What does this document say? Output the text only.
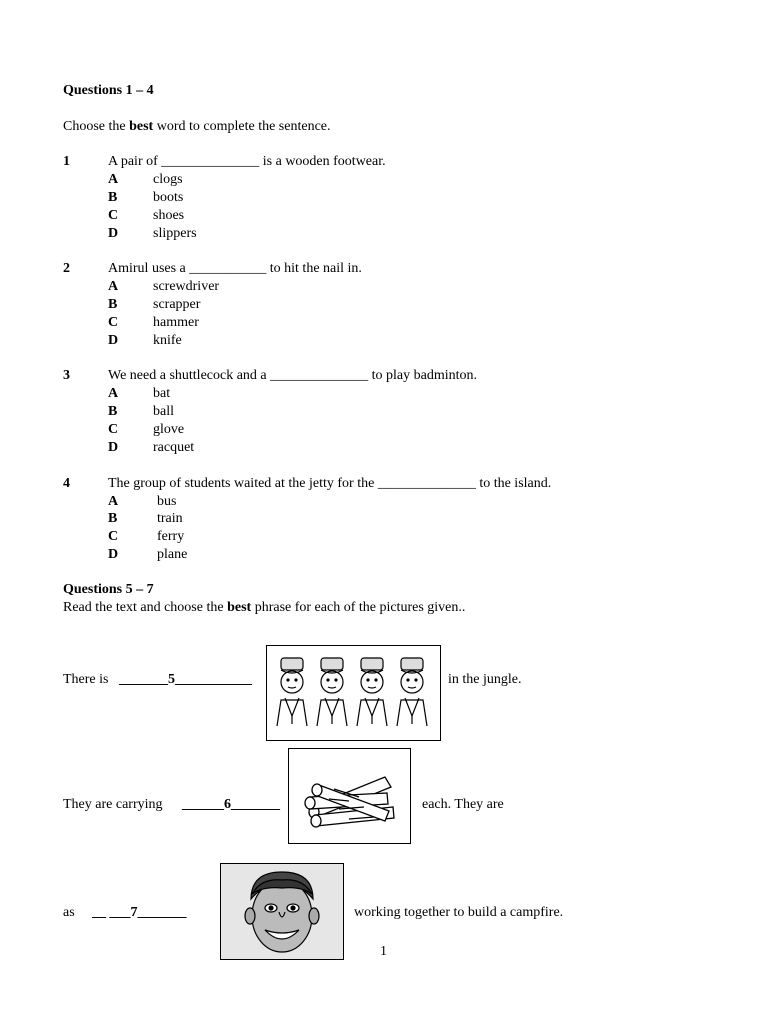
Questions 1 – 4
Choose the best word to complete the sentence.
1	A pair of ______________ is a wooden footwear.
A clogs
B	boots
C shoes
D slippers
2	Amirul uses a ___________ to hit the nail in.
A screwdriver
B	scrapper
C hammer
D knife
3	We need a shuttlecock and a ______________ to play badminton.
A bat
B	ball
C glove
D racquet
4	The group of students waited at the jetty for the ______________ to the island.
A	bus
B	train
C	ferry
D	plane
Questions 5 – 7
Read the text and choose the best phrase for each of the pictures given..
There is _______5___________	in the jungle.
They are carrying ______6_______	each. They are
as __ ___7_______	working together to build a campfire.
1
